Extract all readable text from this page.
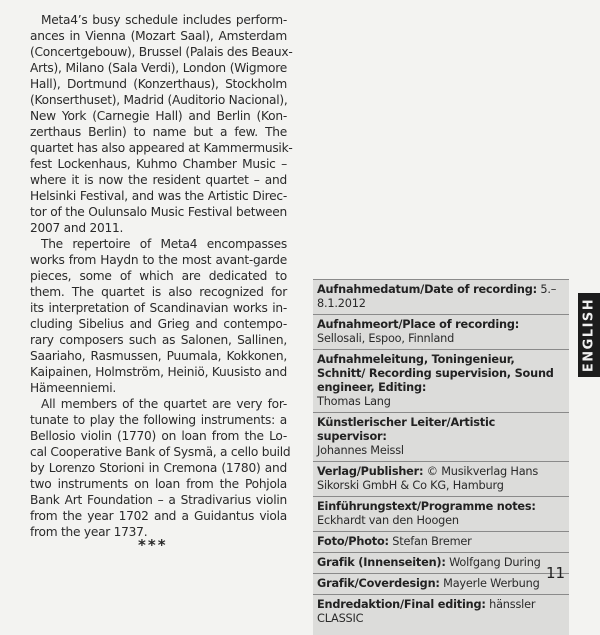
Meta4’s busy schedule includes perform-
ances in Vienna (Mozart Saal), Amsterdam
(Concertgebouw), Brussel (Palais des Beaux-
Arts), Milano (Sala Verdi), London (Wigmore
Hall), Dortmund (Konzerthaus), Stockholm
(Konserthuset), Madrid (Auditorio Nacional),
New York (Carnegie Hall) and Berlin (Kon-
zerthaus Berlin) to name but a few. The
quartet has also appeared at Kammermusik-
fest Lockenhaus, Kuhmo Chamber Music –
where it is now the resident quartet – and
Helsinki Festival, and was the Artistic Direc-
tor of the Oulunsalo Music Festival between
2007 and 2011.
The repertoire of Meta4 encompasses
works from Haydn to the most avant-garde
pieces, some of which are dedicated to
them. The quartet is also recognized for
its interpretation of Scandinavian works in-
cluding Sibelius and Grieg and contempo-
rary composers such as Salonen, Sallinen,
Saariaho, Rasmussen, Puumala, Kokkonen,
Kaipainen, Holmström, Heiniö, Kuusisto and
Hämeenniemi.
All members of the quartet are very for-
tunate to play the following instruments: a
Bellosio violin (1770) on loan from the Lo-
cal Cooperative Bank of Sysmä, a cello build
by Lorenzo Storioni in Cremona (1780) and
two instruments on loan from the Pohjola
Bank Art Foundation – a Stradivarius violin
from the year 1702 and a Guidantus viola
from the year 1737.
***
Aufnahmedatum/Date of recording: 5.–8.1.2012
Aufnahmeort/Place of recording:
Sellosali, Espoo, Finnland
Aufnahmeleitung, Toningenieur, Schnitt/ Recording supervision, Sound engineer, Editing:
Thomas Lang
Künstlerischer Leiter/Artistic supervisor:
Johannes Meissl
Verlag/Publisher: © Musikverlag Hans Sikorski GmbH & Co KG, Hamburg
Einführungstext/Programme notes:
Eckhardt van den Hoogen
Foto/Photo: Stefan Bremer
Grafik (Innenseiten): Wolfgang During
Grafik/Coverdesign: Mayerle Werbung
Endredaktion/Final editing: hänssler CLASSIC
ENGLISH
11
